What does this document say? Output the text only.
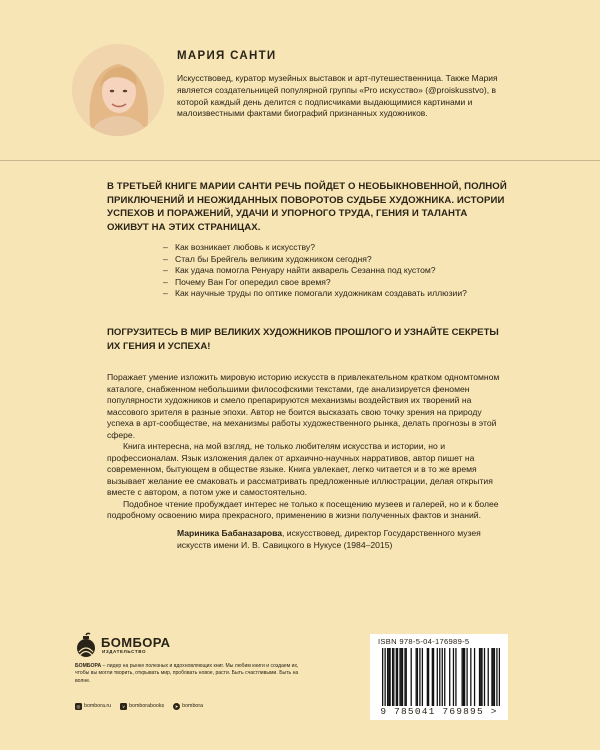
МАРИЯ САНТИ
Искусствовед, куратор музейных выставок и арт-путешественница. Также Мария является создательницей популярной группы «Pro искусство» (@proiskusstvo), в которой каждый день делится с подписчиками выдающимися картинами и малоизвестными фактами биографий признанных художников.
В ТРЕТЬЕЙ КНИГЕ МАРИИ САНТИ РЕЧЬ ПОЙДЕТ О НЕОБЫКНОВЕННОЙ, ПОЛНОЙ ПРИКЛЮЧЕНИЙ И НЕОЖИДАННЫХ ПОВОРОТОВ СУДЬБЕ ХУДОЖНИКА. ИСТОРИИ УСПЕХОВ И ПОРАЖЕНИЙ, УДАЧИ И УПОРНОГО ТРУДА, ГЕНИЯ И ТАЛАНТА ОЖИВУТ НА ЭТИХ СТРАНИЦАХ.
– Как возникает любовь к искусству?
– Стал бы Брейгель великим художником сегодня?
– Как удача помогла Ренуару найти акварель Сезанна под кустом?
– Почему Ван Гог опередил свое время?
– Как научные труды по оптике помогали художникам создавать иллюзии?
ПОГРУЗИТЕСЬ В МИР ВЕЛИКИХ ХУДОЖНИКОВ ПРОШЛОГО И УЗНАЙТЕ СЕКРЕТЫ ИХ ГЕНИЯ И УСПЕХА!

Поражает умение изложить мировую историю искусств в привлекательном кратком одномтомном каталоге, снабженном небольшими философскими текстами, где анализируется феномен популярности художников и смело препарируются механизмы воздействия их творений на массового зрителя в разные эпохи. Автор не боится высказать свою точку зрения на природу успеха в арт-сообществе, на механизмы работы художественного рынка, делать прогнозы в этой сфере.

Книга интересна, на мой взгляд, не только любителям искусства и истории, но и профессионалам. Язык изложения далек от архаично-научных нарративов, автор пишет на современном, бытующем в обществе языке. Книга увлекает, легко читается и в то же время вызывает желание ее смаковать и рассматривать предложенные иллюстрации, делая открытия вместе с автором, а потом уже и самостоятельно.

Подобное чтение пробуждает интерес не только к посещению музеев и галерей, но и к более подробному освоению мира прекрасного, применению в жизни полученных фактов и знаний.

Мариника Бабаназарова, искусствовед, директор Государственного музея искусств имени И. В. Савицкого в Нукусе (1984–2015)
БОМБОРА
ИЗДАТЕЛЬСТВО
БОМБОРА – лидер на рынке полезных и вдохновляющих книг. Мы любим книги и создаем их, чтобы вы могли творить, открывать мир, пробовать новое, расти. Быть счастливыми. Быть на волне.
◎ bombora.ru	v bomborabooks	➤ bombora
ISBN 978-5-04-176989-5
9 785041 769895 >
